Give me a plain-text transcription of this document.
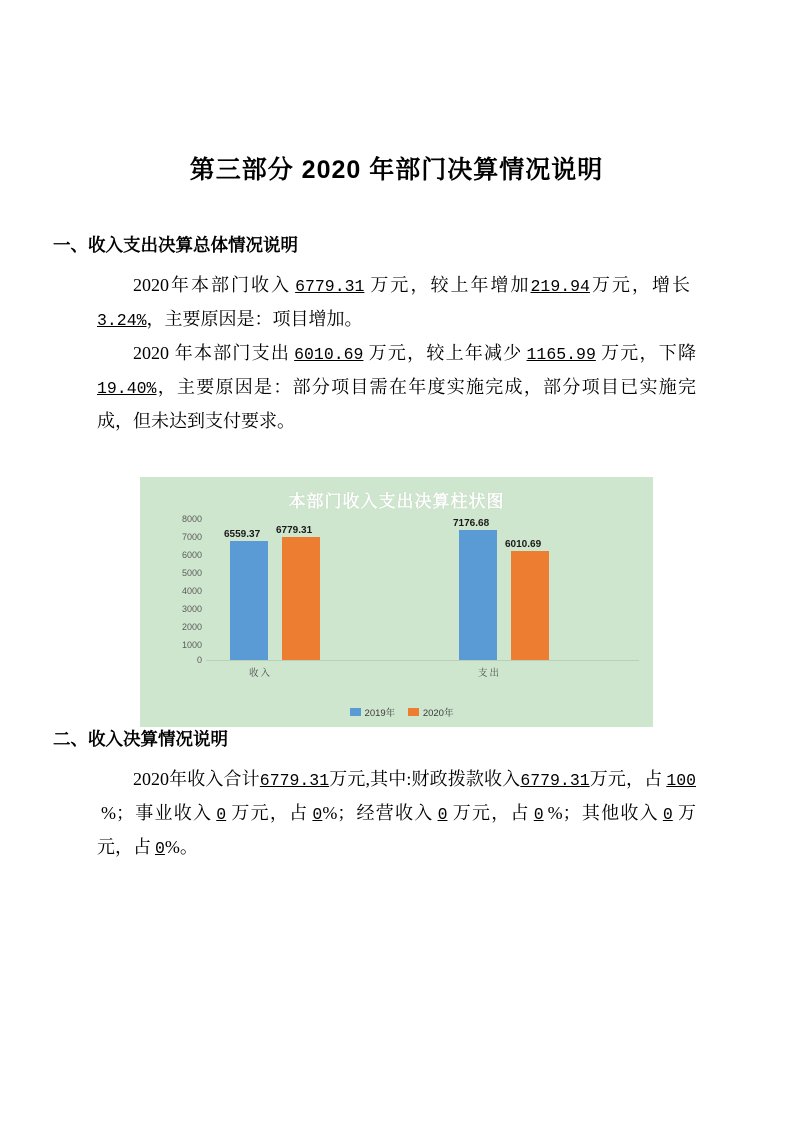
第三部分 2020 年部门决算情况说明

一、收入支出决算总体情况说明

2020年本部门收入 6779.31 万元，较上年增加219.94万元，增长3.24%，主要原因是：项目增加。

2020 年本部门支出 6010.69 万元，较上年减少 1165.99 万元，下降19.40%，主要原因是：部分项目需在年度实施完成，部分项目已实施完成，但未达到支付要求。

本部门收入支出决算柱状图
8000
7000
6000
5000
4000
3000
2000
1000
0
6559.37 6779.31
收入
7176.68
6010.69
支出
2019年	2020年

二、收入决算情况说明

2020年收入合计6779.31万元,其中:财政拨款收入6779.31万元，占 100%；事业收入 0 万元，占 0%；经营收入 0 万元，占 0 %；其他收入 0 万元，占 0%。
